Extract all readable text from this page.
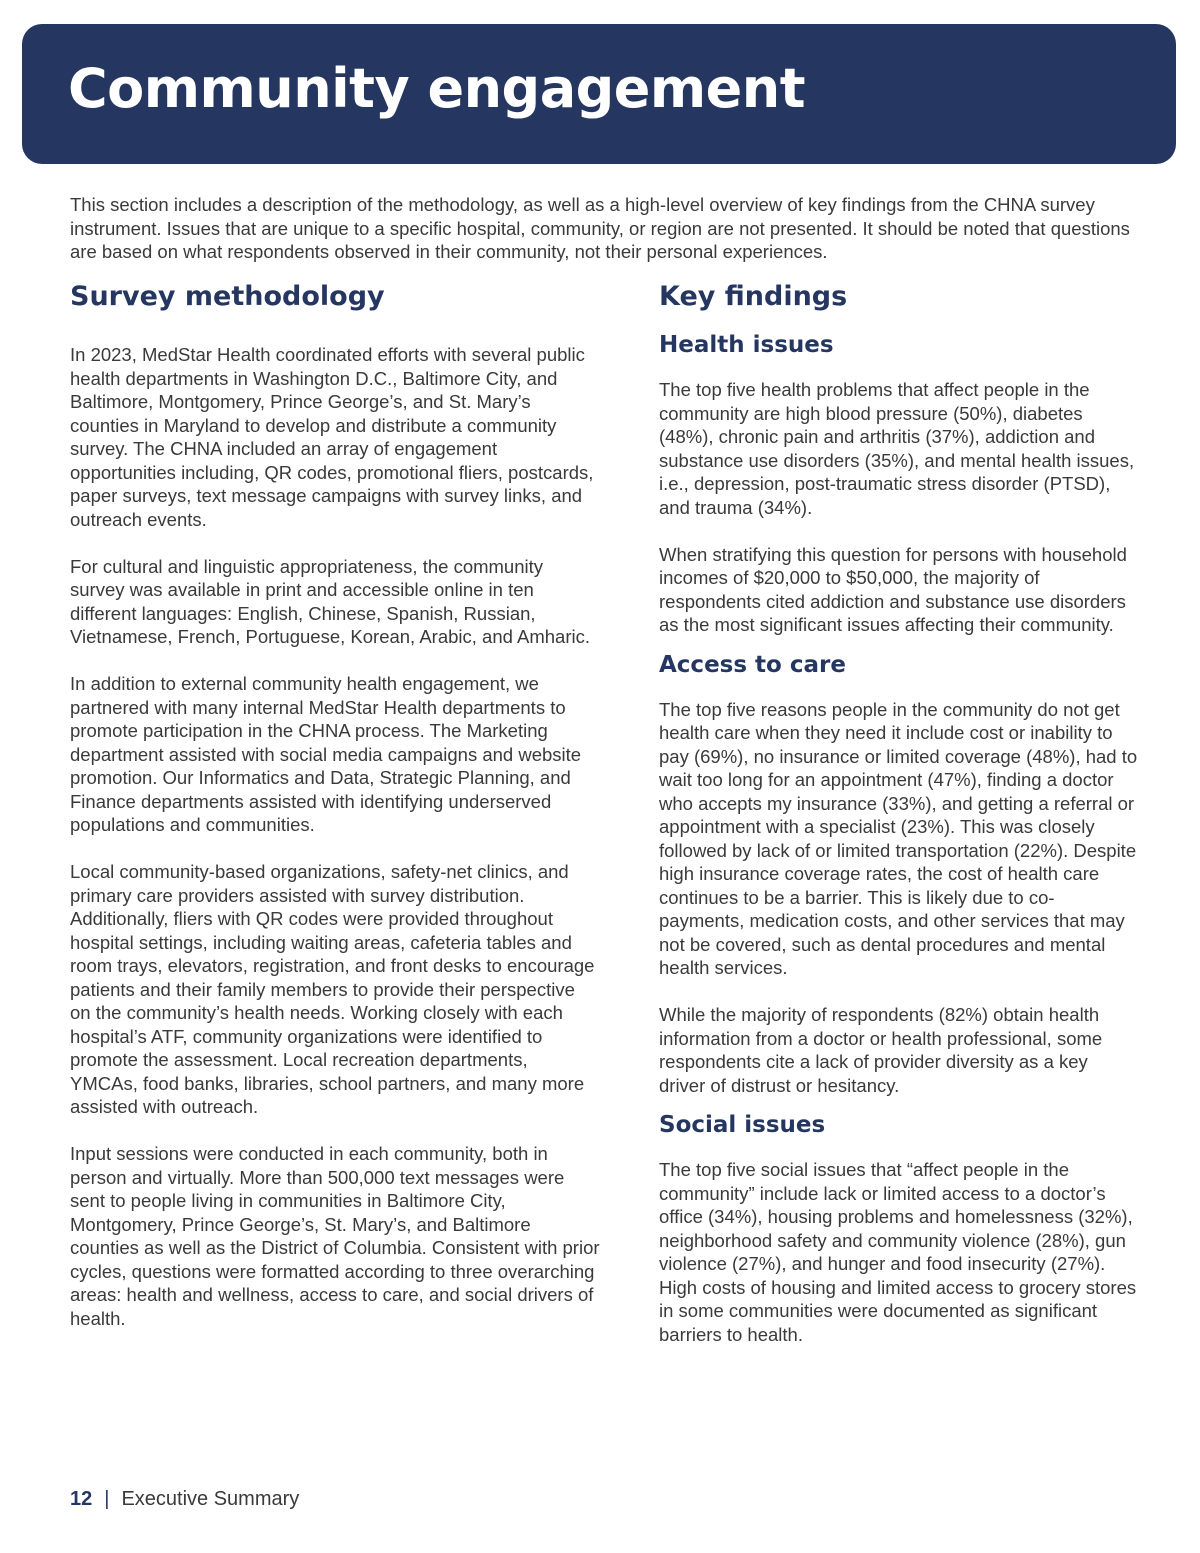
Community engagement

This section includes a description of the methodology, as well as a high-level overview of key findings from the CHNA survey instrument. Issues that are unique to a specific hospital, community, or region are not presented. It should be noted that questions are based on what respondents observed in their community, not their personal experiences.

Survey methodology

In 2023, MedStar Health coordinated efforts with several public health departments in Washington D.C., Baltimore City, and Baltimore, Montgomery, Prince George’s, and St. Mary’s counties in Maryland to develop and distribute a community survey. The CHNA included an array of engagement opportunities including, QR codes, promotional fliers, postcards, paper surveys, text message campaigns with survey links, and outreach events.

For cultural and linguistic appropriateness, the community survey was available in print and accessible online in ten different languages: English, Chinese, Spanish, Russian, Vietnamese, French, Portuguese, Korean, Arabic, and Amharic.

In addition to external community health engagement, we partnered with many internal MedStar Health departments to promote participation in the CHNA process. The Marketing department assisted with social media campaigns and website promotion. Our Informatics and Data, Strategic Planning, and Finance departments assisted with identifying underserved populations and communities.

Local community-based organizations, safety-net clinics, and primary care providers assisted with survey distribution. Additionally, fliers with QR codes were provided throughout hospital settings, including waiting areas, cafeteria tables and room trays, elevators, registration, and front desks to encourage patients and their family members to provide their perspective on the community’s health needs. Working closely with each hospital’s ATF, community organizations were identified to promote the assessment. Local recreation departments, YMCAs, food banks, libraries, school partners, and many more assisted with outreach.

Input sessions were conducted in each community, both in person and virtually. More than 500,000 text messages were sent to people living in communities in Baltimore City, Montgomery, Prince George’s, St. Mary’s, and Baltimore counties as well as the District of Columbia. Consistent with prior cycles, questions were formatted according to three overarching areas: health and wellness, access to care, and social drivers of health.

Key findings
Health issues

The top five health problems that affect people in the community are high blood pressure (50%), diabetes (48%), chronic pain and arthritis (37%), addiction and substance use disorders (35%), and mental health issues, i.e., depression, post-traumatic stress disorder (PTSD), and trauma (34%).

When stratifying this question for persons with household incomes of $20,000 to $50,000, the majority of respondents cited addiction and substance use disorders as the most significant issues affecting their community.

Access to care

The top five reasons people in the community do not get health care when they need it include cost or inability to pay (69%), no insurance or limited coverage (48%), had to wait too long for an appointment (47%), finding a doctor who accepts my insurance (33%), and getting a referral or appointment with a specialist (23%). This was closely followed by lack of or limited transportation (22%). Despite high insurance coverage rates, the cost of health care continues to be a barrier. This is likely due to co-payments, medication costs, and other services that may not be covered, such as dental procedures and mental health services.

While the majority of respondents (82%) obtain health information from a doctor or health professional, some respondents cite a lack of provider diversity as a key driver of distrust or hesitancy.

Social issues

The top five social issues that “affect people in the community” include lack or limited access to a doctor’s office (34%), housing problems and homelessness (32%), neighborhood safety and community violence (28%), gun violence (27%), and hunger and food insecurity (27%). High costs of housing and limited access to grocery stores in some communities were documented as significant barriers to health.

12 | Executive Summary
